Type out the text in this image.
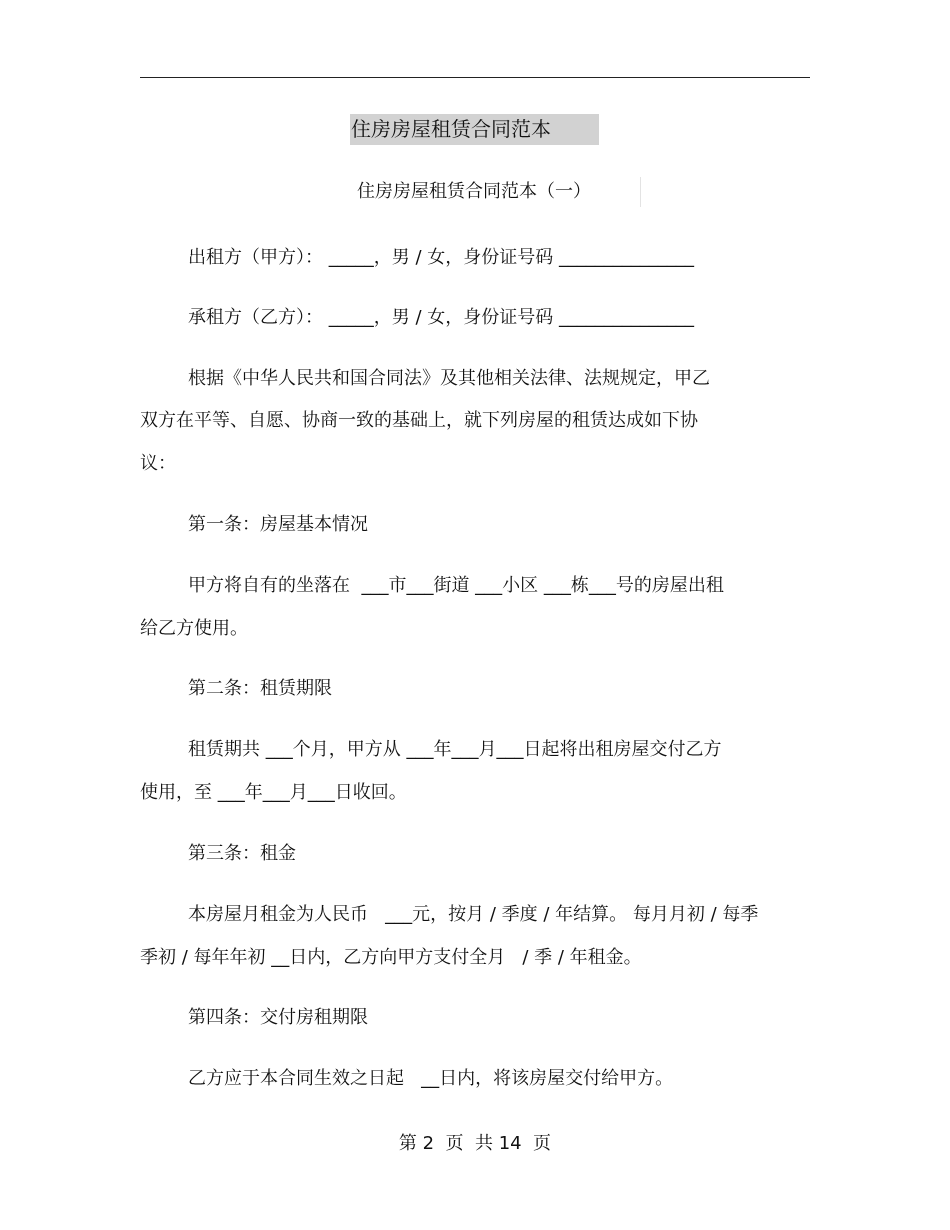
住房房屋租赁合同范本
住房房屋租赁合同范本（一）
出租方（甲方）： _____，男 / 女，身份证号码 _______________
承租方（乙方）： _____，男 / 女，身份证号码 _______________
根据《中华人民共和国合同法》及其他相关法律、法规规定，甲乙
双方在平等、自愿、协商一致的基础上，就下列房屋的租赁达成如下协
议：
第一条：房屋基本情况
甲方将自有的坐落在  ___市___街道 ___小区 ___栋___号的房屋出租
给乙方使用。
第二条：租赁期限
租赁期共 ___个月，甲方从 ___年___月___日起将出租房屋交付乙方
使用，至 ___年___月___日收回。
第三条：租金
本房屋月租金为人民币   ___元，按月 / 季度 / 年结算。 每月月初 / 每季
季初 / 每年年初 __日内，乙方向甲方支付全月   / 季 / 年租金。
第四条：交付房租期限
乙方应于本合同生效之日起   __日内，将该房屋交付给甲方。
第 2  页  共 14  页
